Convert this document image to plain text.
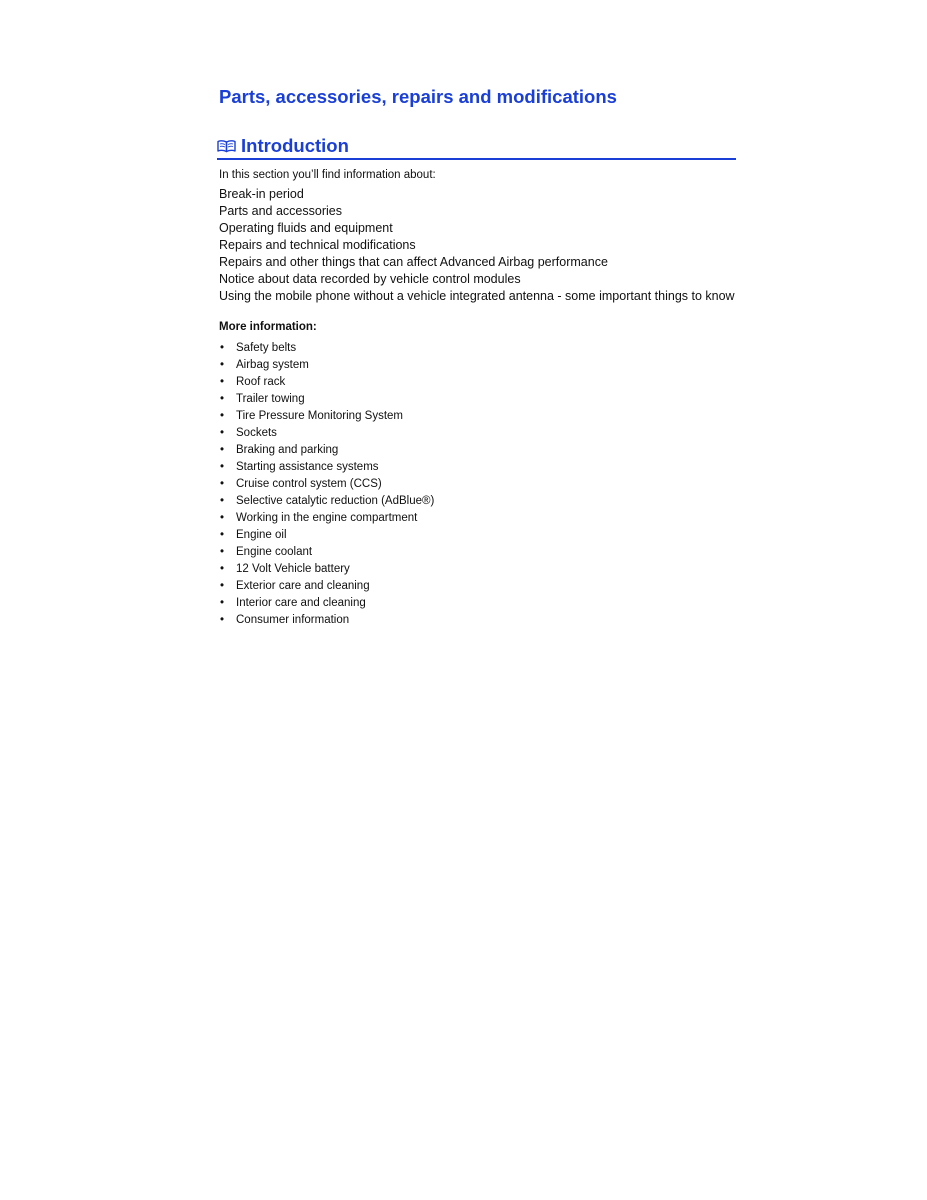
Parts, accessories, repairs and modifications
Introduction
In this section you’ll find information about:
Break-in period
Parts and accessories
Operating fluids and equipment
Repairs and technical modifications
Repairs and other things that can affect Advanced Airbag performance
Notice about data recorded by vehicle control modules
Using the mobile phone without a vehicle integrated antenna - some important things to know
More information:
• Safety belts
• Airbag system
• Roof rack
• Trailer towing
• Tire Pressure Monitoring System
• Sockets
• Braking and parking
• Starting assistance systems
• Cruise control system (CCS)
• Selective catalytic reduction (AdBlue®)
• Working in the engine compartment
• Engine oil
• Engine coolant
• 12 Volt Vehicle battery
• Exterior care and cleaning
• Interior care and cleaning
• Consumer information
